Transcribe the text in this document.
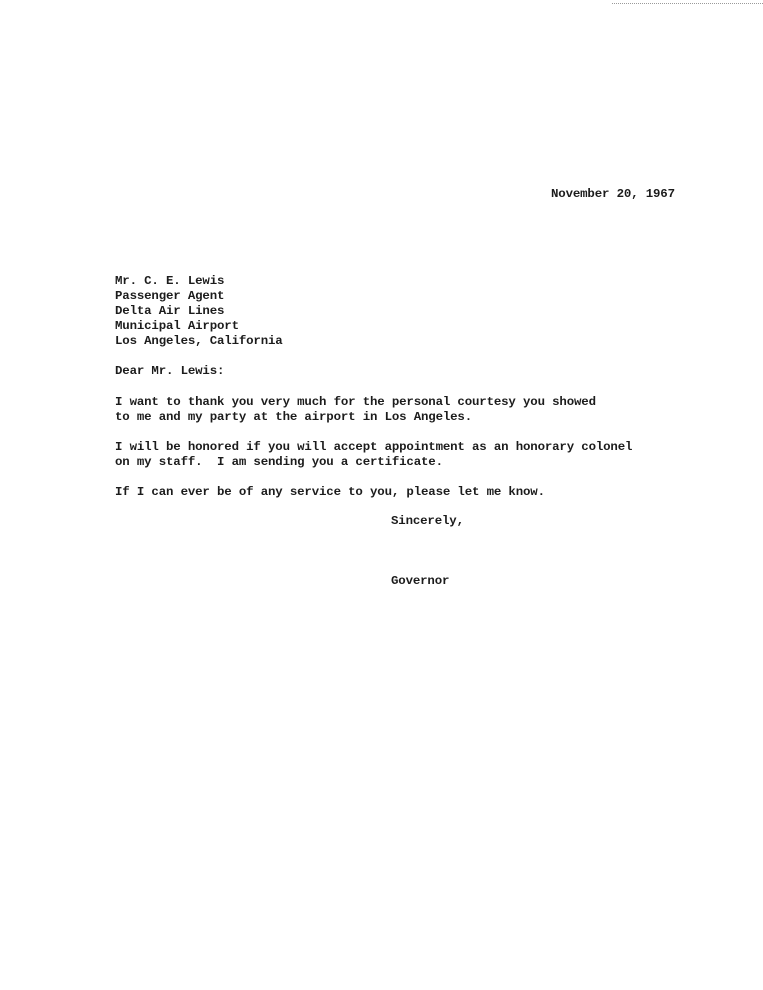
November 20, 1967
Mr. C. E. Lewis
Passenger Agent
Delta Air Lines
Municipal Airport
Los Angeles, California
Dear Mr. Lewis:
I want to thank you very much for the personal courtesy you showed
to me and my party at the airport in Los Angeles.
I will be honored if you will accept appointment as an honorary colonel
on my staff.  I am sending you a certificate.
If I can ever be of any service to you, please let me know.
Sincerely,
Governor
